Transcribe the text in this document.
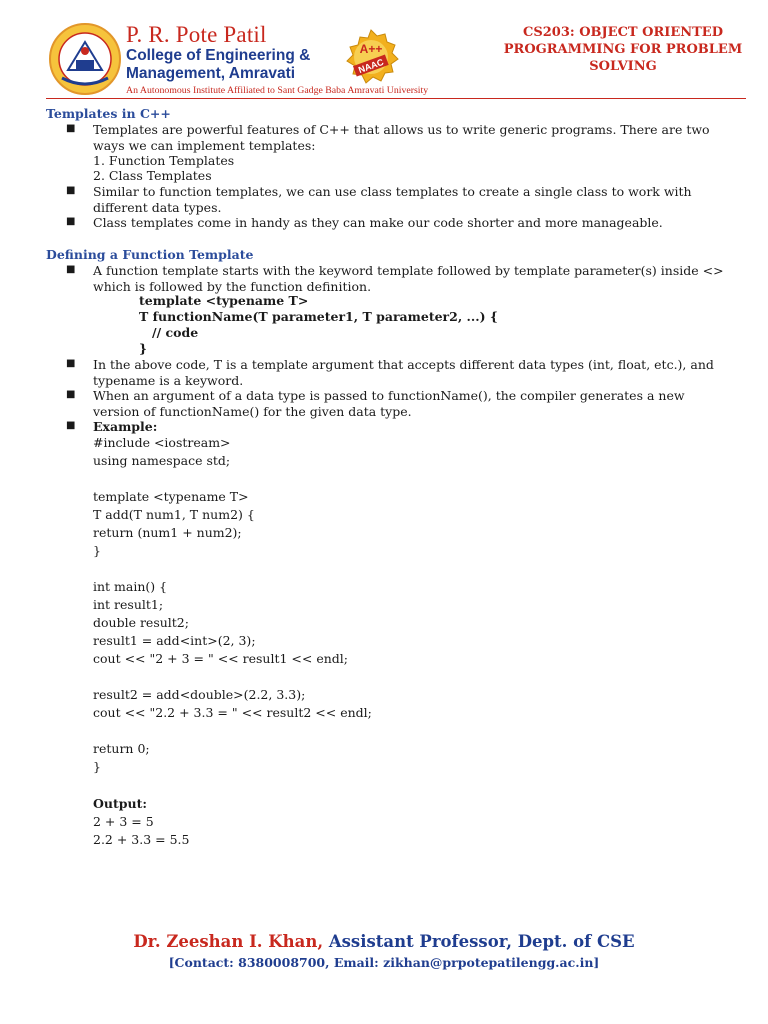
P. R. Pote Patil
College of Engineering &
Management, Amravati
An Autonomous Institute Affiliated to Sant Gadge Baba Amravati University
A++
NAAC
CS203: OBJECT ORIENTED
PROGRAMMING FOR PROBLEM
SOLVING
Templates in C++
■ Templates are powerful features of C++ that allows us to write generic programs. There are two ways we can implement templates:
1. Function Templates
2. Class Templates
■ Similar to function templates, we can use class templates to create a single class to work with different data types.
■ Class templates come in handy as they can make our code shorter and more manageable.
Defining a Function Template
■ A function template starts with the keyword template followed by template parameter(s) inside <> which is followed by the function definition.
template <typename T>
T functionName(T parameter1, T parameter2, ...) {
// code
}
■ In the above code, T is a template argument that accepts different data types (int, float, etc.), and typename is a keyword.
■ When an argument of a data type is passed to functionName(), the compiler generates a new version of functionName() for the given data type.
■ Example:
#include <iostream>
using namespace std;
template <typename T>
T add(T num1, T num2) {
return (num1 + num2);
}
int main() {
int result1;
double result2;
result1 = add<int>(2, 3);
cout << "2 + 3 = " << result1 << endl;
result2 = add<double>(2.2, 3.3);
cout << "2.2 + 3.3 = " << result2 << endl;
return 0;
}
Output:
2 + 3 = 5
2.2 + 3.3 = 5.5
Dr. Zeeshan I. Khan, Assistant Professor, Dept. of CSE
[Contact: 8380008700, Email: zikhan@prpotepatilengg.ac.in]
